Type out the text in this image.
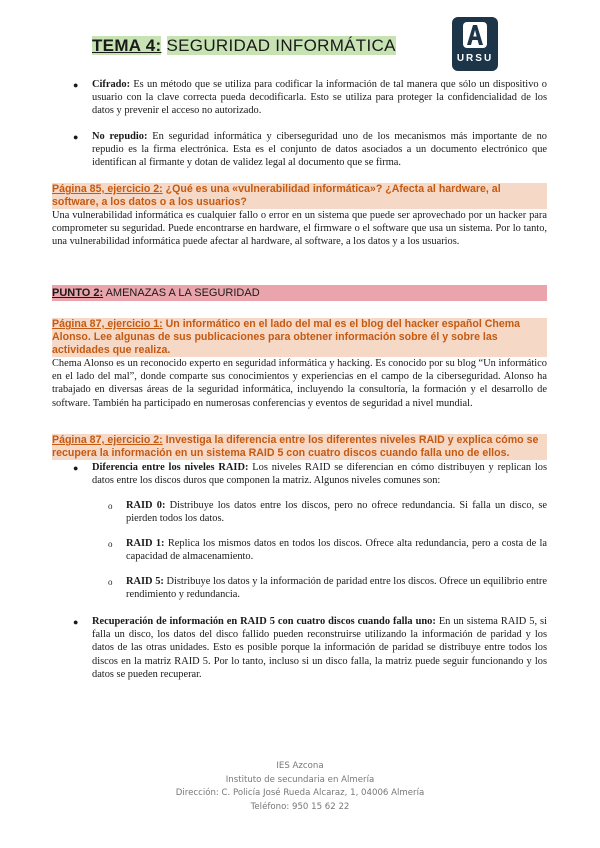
TEMA 4: SEGURIDAD INFORMÁTICA
URSU
● Cifrado: Es un método que se utiliza para codificar la información de tal manera que sólo un dispositivo o usuario con la clave correcta pueda decodificarla. Esto se utiliza para proteger la confidencialidad de los datos y prevenir el acceso no autorizado.
● No repudio: En seguridad informática y ciberseguridad uno de los mecanismos más importante de no repudio es la firma electrónica. Esta es el conjunto de datos asociados a un documento electrónico que identifican al firmante y dotan de validez legal al documento que se firma.
Página 85, ejercicio 2: ¿Qué es una «vulnerabilidad informática»? ¿Afecta al hardware, al software, a los datos o a los usuarios?
Una vulnerabilidad informática es cualquier fallo o error en un sistema que puede ser aprovechado por un hacker para comprometer su seguridad. Puede encontrarse en hardware, el firmware o el software que usa un sistema. Por lo tanto, una vulnerabilidad informática puede afectar al hardware, al software, a los datos y a los usuarios.
PUNTO 2: AMENAZAS A LA SEGURIDAD
Página 87, ejercicio 1: Un informático en el lado del mal es el blog del hacker español Chema Alonso. Lee algunas de sus publicaciones para obtener información sobre él y sobre las actividades que realiza.
Chema Alonso es un reconocido experto en seguridad informática y hacking. Es conocido por su blog “Un informático en el lado del mal”, donde comparte sus conocimientos y experiencias en el campo de la ciberseguridad. Alonso ha trabajado en diversas áreas de la seguridad informática, incluyendo la consultoría, la formación y el desarrollo de software. También ha participado en numerosas conferencias y eventos de seguridad a nivel mundial.
Página 87, ejercicio 2: Investiga la diferencia entre los diferentes niveles RAID y explica cómo se recupera la información en un sistema RAID 5 con cuatro discos cuando falla uno de ellos.
● Diferencia entre los niveles RAID: Los niveles RAID se diferencian en cómo distribuyen y replican los datos entre los discos duros que componen la matriz. Algunos niveles comunes son:
o RAID 0: Distribuye los datos entre los discos, pero no ofrece redundancia. Si falla un disco, se pierden todos los datos.
o RAID 1: Replica los mismos datos en todos los discos. Ofrece alta redundancia, pero a costa de la capacidad de almacenamiento.
o RAID 5: Distribuye los datos y la información de paridad entre los discos. Ofrece un equilibrio entre rendimiento y redundancia.
● Recuperación de información en RAID 5 con cuatro discos cuando falla uno: En un sistema RAID 5, si falla un disco, los datos del disco fallido pueden reconstruirse utilizando la información de paridad y los datos de las otras unidades. Esto es posible porque la información de paridad se distribuye entre todos los discos en la matriz RAID 5. Por lo tanto, incluso si un disco falla, la matriz puede seguir funcionando y los datos se pueden recuperar.
IES Azcona
Instituto de secundaria en Almería
Dirección: C. Policía José Rueda Alcaraz, 1, 04006 Almería
Teléfono: 950 15 62 22
